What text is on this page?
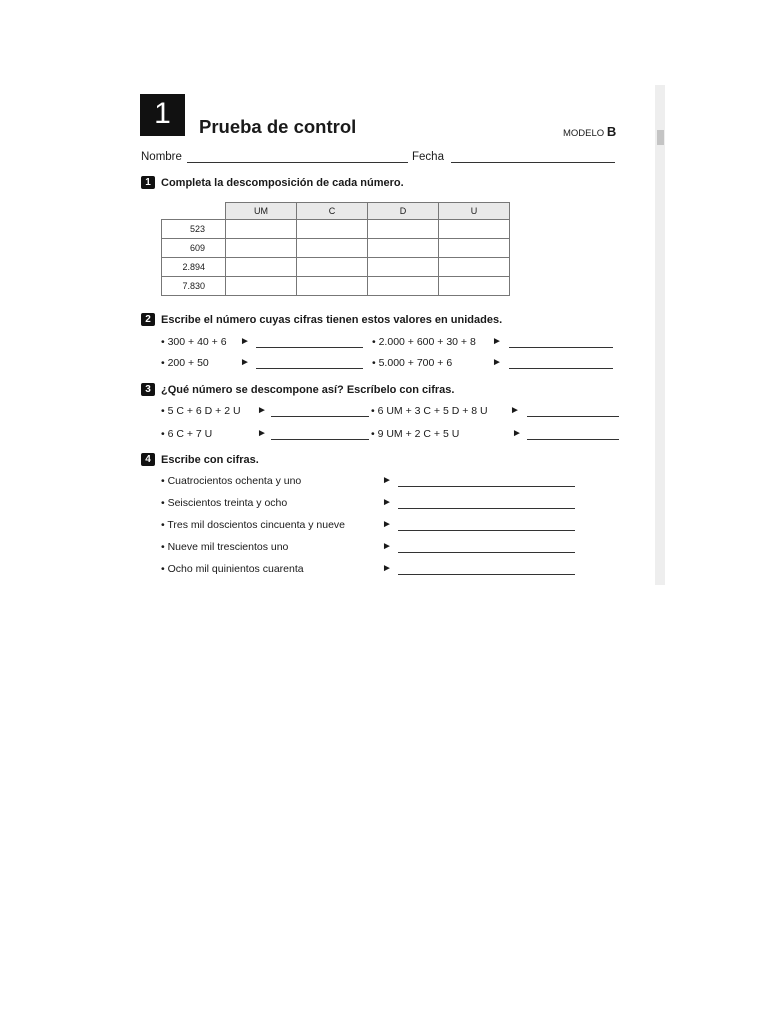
1	Prueba de control	MODELO B
Nombre	Fecha
1 Completa la descomposición de cada número.
	UM	C	D	U
523				
609				
2.894				
7.830				
2 Escribe el número cuyas cifras tienen estos valores en unidades.
• 300 + 40 + 6 ►	• 2.000 + 600 + 30 + 8 ►
• 200 + 50	►	• 5.000 + 700 + 6	►
3 ¿Qué número se descompone así? Escríbelo con cifras.
• 5 C + 6 D + 2 U ►	• 6 UM + 3 C + 5 D + 8 U ►
• 6 C + 7 U	►	• 9 UM + 2 C + 5 U	►
4 Escribe con cifras.
• Cuatrocientos ochenta y uno	►
• Seiscientos treinta y ocho	►
• Tres mil doscientos cincuenta y nueve	►
• Nueve mil trescientos uno	►
• Ocho mil quinientos cuarenta	►
